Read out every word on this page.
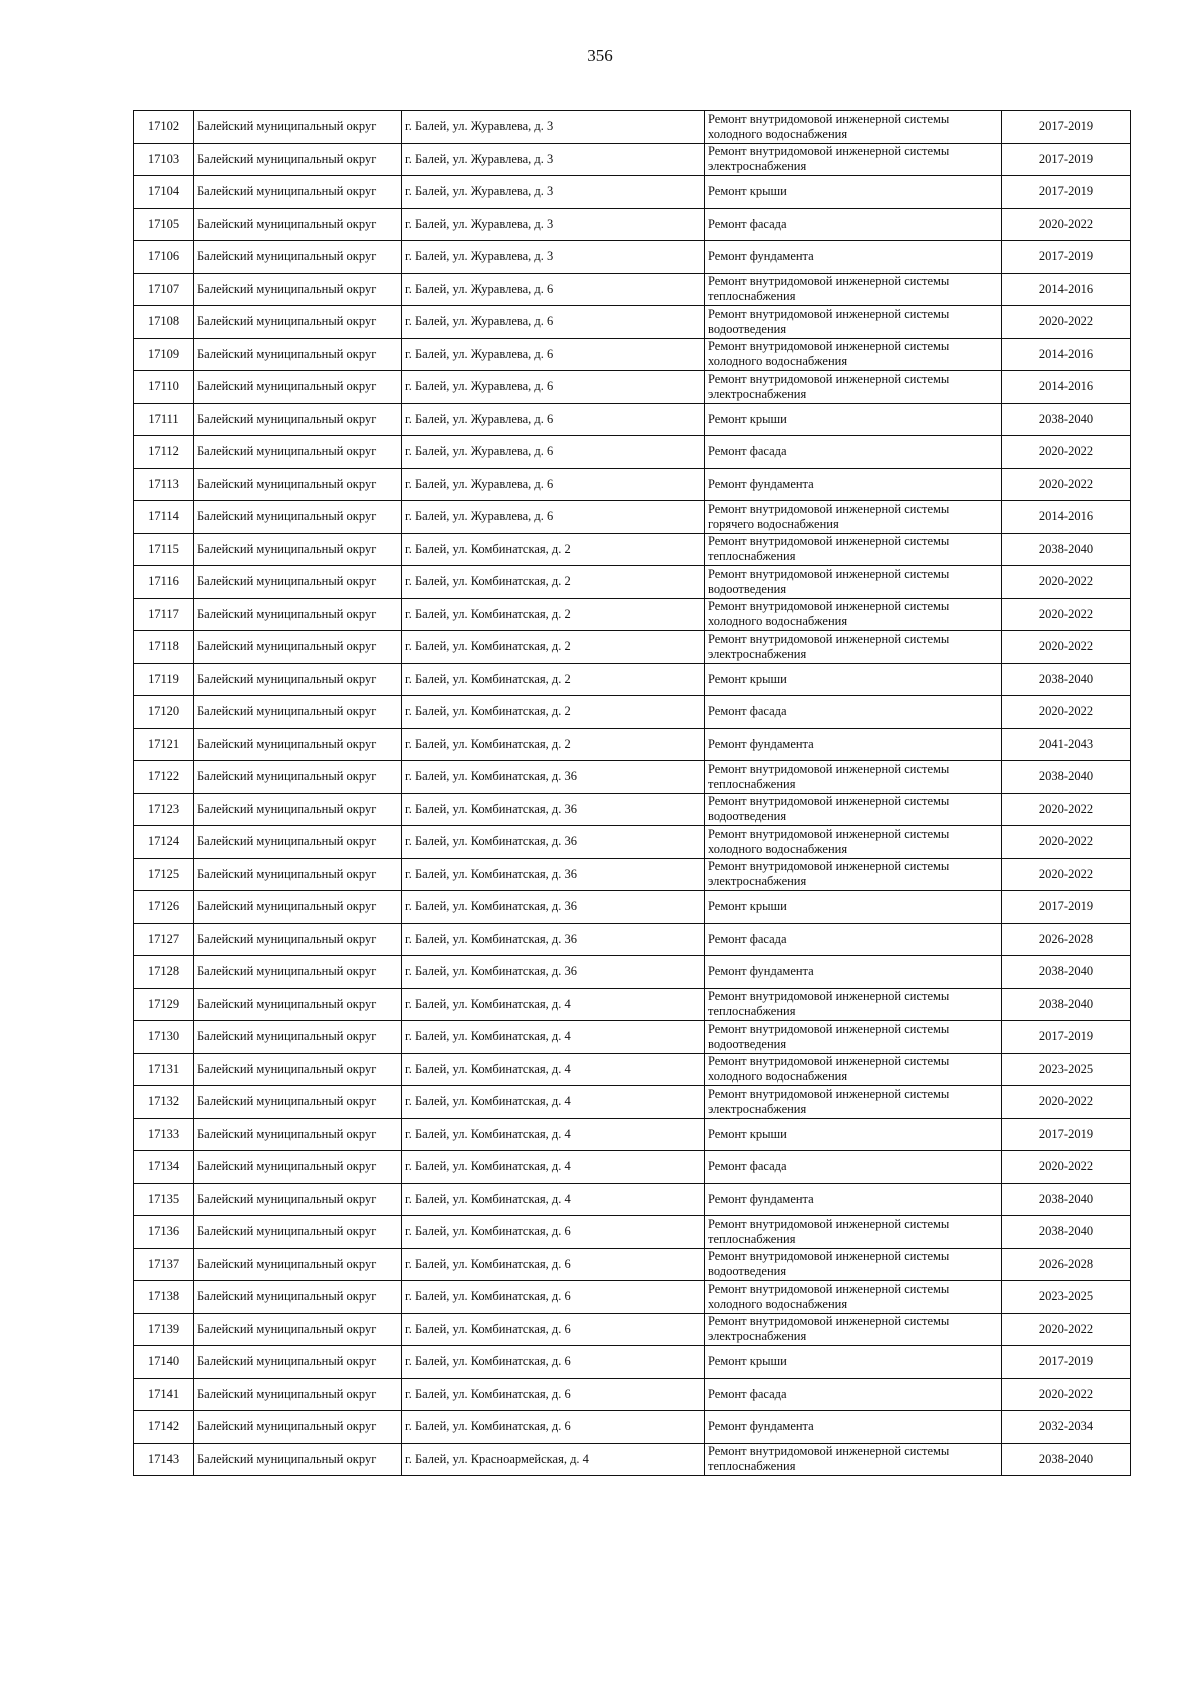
356
17102	Балейский муниципальный округ	г. Балей, ул. Журавлева, д. 3	Ремонт внутридомовой инженерной системы холодного водоснабжения	2017-2019
17103	Балейский муниципальный округ	г. Балей, ул. Журавлева, д. 3	Ремонт внутридомовой инженерной системы электроснабжения	2017-2019
17104	Балейский муниципальный округ	г. Балей, ул. Журавлева, д. 3	Ремонт крыши	2017-2019
17105	Балейский муниципальный округ	г. Балей, ул. Журавлева, д. 3	Ремонт фасада	2020-2022
17106	Балейский муниципальный округ	г. Балей, ул. Журавлева, д. 3	Ремонт фундамента	2017-2019
17107	Балейский муниципальный округ	г. Балей, ул. Журавлева, д. 6	Ремонт внутридомовой инженерной системы теплоснабжения	2014-2016
17108	Балейский муниципальный округ	г. Балей, ул. Журавлева, д. 6	Ремонт внутридомовой инженерной системы водоотведения	2020-2022
17109	Балейский муниципальный округ	г. Балей, ул. Журавлева, д. 6	Ремонт внутридомовой инженерной системы холодного водоснабжения	2014-2016
17110	Балейский муниципальный округ	г. Балей, ул. Журавлева, д. 6	Ремонт внутридомовой инженерной системы электроснабжения	2014-2016
17111	Балейский муниципальный округ	г. Балей, ул. Журавлева, д. 6	Ремонт крыши	2038-2040
17112	Балейский муниципальный округ	г. Балей, ул. Журавлева, д. 6	Ремонт фасада	2020-2022
17113	Балейский муниципальный округ	г. Балей, ул. Журавлева, д. 6	Ремонт фундамента	2020-2022
17114	Балейский муниципальный округ	г. Балей, ул. Журавлева, д. 6	Ремонт внутридомовой инженерной системы горячего водоснабжения	2014-2016
17115	Балейский муниципальный округ	г. Балей, ул. Комбинатская, д. 2	Ремонт внутридомовой инженерной системы теплоснабжения	2038-2040
17116	Балейский муниципальный округ	г. Балей, ул. Комбинатская, д. 2	Ремонт внутридомовой инженерной системы водоотведения	2020-2022
17117	Балейский муниципальный округ	г. Балей, ул. Комбинатская, д. 2	Ремонт внутридомовой инженерной системы холодного водоснабжения	2020-2022
17118	Балейский муниципальный округ	г. Балей, ул. Комбинатская, д. 2	Ремонт внутридомовой инженерной системы электроснабжения	2020-2022
17119	Балейский муниципальный округ	г. Балей, ул. Комбинатская, д. 2	Ремонт крыши	2038-2040
17120	Балейский муниципальный округ	г. Балей, ул. Комбинатская, д. 2	Ремонт фасада	2020-2022
17121	Балейский муниципальный округ	г. Балей, ул. Комбинатская, д. 2	Ремонт фундамента	2041-2043
17122	Балейский муниципальный округ	г. Балей, ул. Комбинатская, д. 36	Ремонт внутридомовой инженерной системы теплоснабжения	2038-2040
17123	Балейский муниципальный округ	г. Балей, ул. Комбинатская, д. 36	Ремонт внутридомовой инженерной системы водоотведения	2020-2022
17124	Балейский муниципальный округ	г. Балей, ул. Комбинатская, д. 36	Ремонт внутридомовой инженерной системы холодного водоснабжения	2020-2022
17125	Балейский муниципальный округ	г. Балей, ул. Комбинатская, д. 36	Ремонт внутридомовой инженерной системы электроснабжения	2020-2022
17126	Балейский муниципальный округ	г. Балей, ул. Комбинатская, д. 36	Ремонт крыши	2017-2019
17127	Балейский муниципальный округ	г. Балей, ул. Комбинатская, д. 36	Ремонт фасада	2026-2028
17128	Балейский муниципальный округ	г. Балей, ул. Комбинатская, д. 36	Ремонт фундамента	2038-2040
17129	Балейский муниципальный округ	г. Балей, ул. Комбинатская, д. 4	Ремонт внутридомовой инженерной системы теплоснабжения	2038-2040
17130	Балейский муниципальный округ	г. Балей, ул. Комбинатская, д. 4	Ремонт внутридомовой инженерной системы водоотведения	2017-2019
17131	Балейский муниципальный округ	г. Балей, ул. Комбинатская, д. 4	Ремонт внутридомовой инженерной системы холодного водоснабжения	2023-2025
17132	Балейский муниципальный округ	г. Балей, ул. Комбинатская, д. 4	Ремонт внутридомовой инженерной системы электроснабжения	2020-2022
17133	Балейский муниципальный округ	г. Балей, ул. Комбинатская, д. 4	Ремонт крыши	2017-2019
17134	Балейский муниципальный округ	г. Балей, ул. Комбинатская, д. 4	Ремонт фасада	2020-2022
17135	Балейский муниципальный округ	г. Балей, ул. Комбинатская, д. 4	Ремонт фундамента	2038-2040
17136	Балейский муниципальный округ	г. Балей, ул. Комбинатская, д. 6	Ремонт внутридомовой инженерной системы теплоснабжения	2038-2040
17137	Балейский муниципальный округ	г. Балей, ул. Комбинатская, д. 6	Ремонт внутридомовой инженерной системы водоотведения	2026-2028
17138	Балейский муниципальный округ	г. Балей, ул. Комбинатская, д. 6	Ремонт внутридомовой инженерной системы холодного водоснабжения	2023-2025
17139	Балейский муниципальный округ	г. Балей, ул. Комбинатская, д. 6	Ремонт внутридомовой инженерной системы электроснабжения	2020-2022
17140	Балейский муниципальный округ	г. Балей, ул. Комбинатская, д. 6	Ремонт крыши	2017-2019
17141	Балейский муниципальный округ	г. Балей, ул. Комбинатская, д. 6	Ремонт фасада	2020-2022
17142	Балейский муниципальный округ	г. Балей, ул. Комбинатская, д. 6	Ремонт фундамента	2032-2034
17143	Балейский муниципальный округ	г. Балей, ул. Красноармейская, д. 4	Ремонт внутридомовой инженерной системы теплоснабжения	2038-2040
